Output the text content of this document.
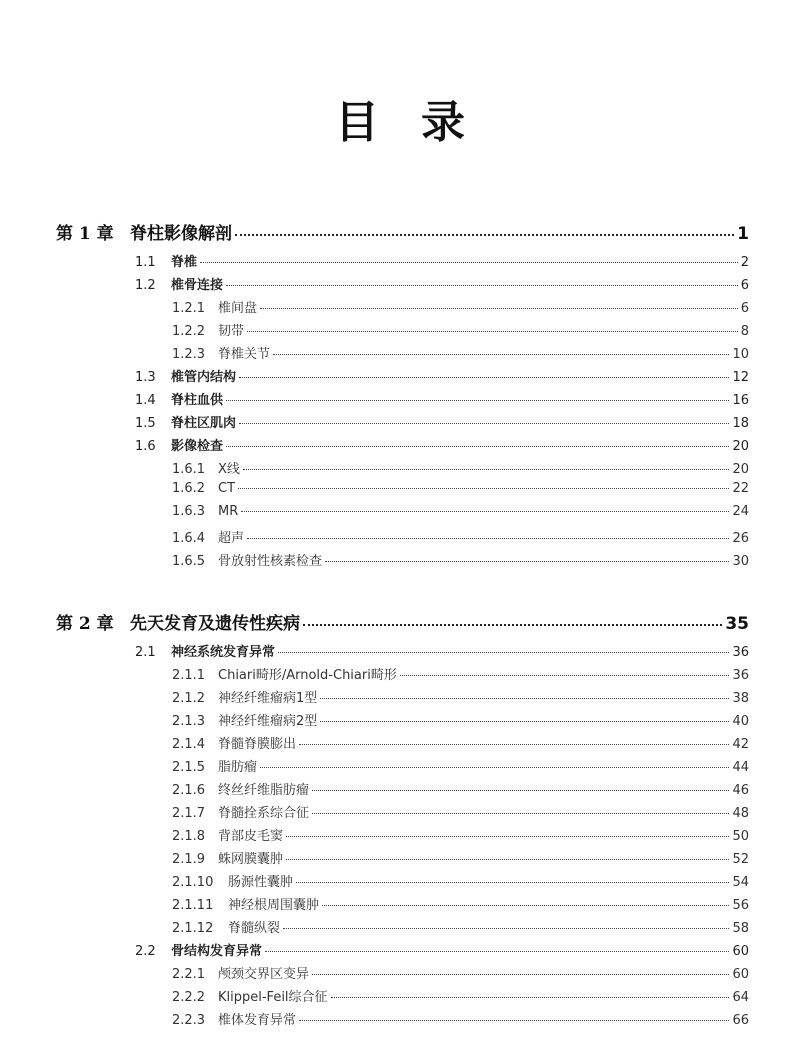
目 录
第 1 章 脊柱影像解剖	1
1.1	脊椎	2
1.2	椎骨连接	6
1.2.1 椎间盘	6
1.2.2 韧带	8
1.2.3 脊椎关节	10
1.3	椎管内结构	12
1.4	脊柱血供	16
1.5	脊柱区肌肉	18
1.6	影像检查	20
1.6.1 X线	20
1.6.2 CT	22
1.6.3 MR	24
1.6.4 超声	26
1.6.5 骨放射性核素检查	30
第 2 章 先天发育及遗传性疾病	35
2.1	神经系统发育异常	36
2.1.1 Chiari畸形/Arnold-Chiari畸形	36
2.1.2 神经纤维瘤病1型	38
2.1.3 神经纤维瘤病2型	40
2.1.4 脊髓脊膜膨出	42
2.1.5 脂肪瘤	44
2.1.6 终丝纤维脂肪瘤	46
2.1.7 脊髓拴系综合征	48
2.1.8 背部皮毛窦	50
2.1.9 蛛网膜囊肿	52
2.1.10	肠源性囊肿	54
2.1.11	神经根周围囊肿	56
2.1.12	脊髓纵裂	58
2.2	骨结构发育异常	60
2.2.1 颅颈交界区变异	60
2.2.2 Klippel-Feil综合征	64
2.2.3 椎体发育异常	66
